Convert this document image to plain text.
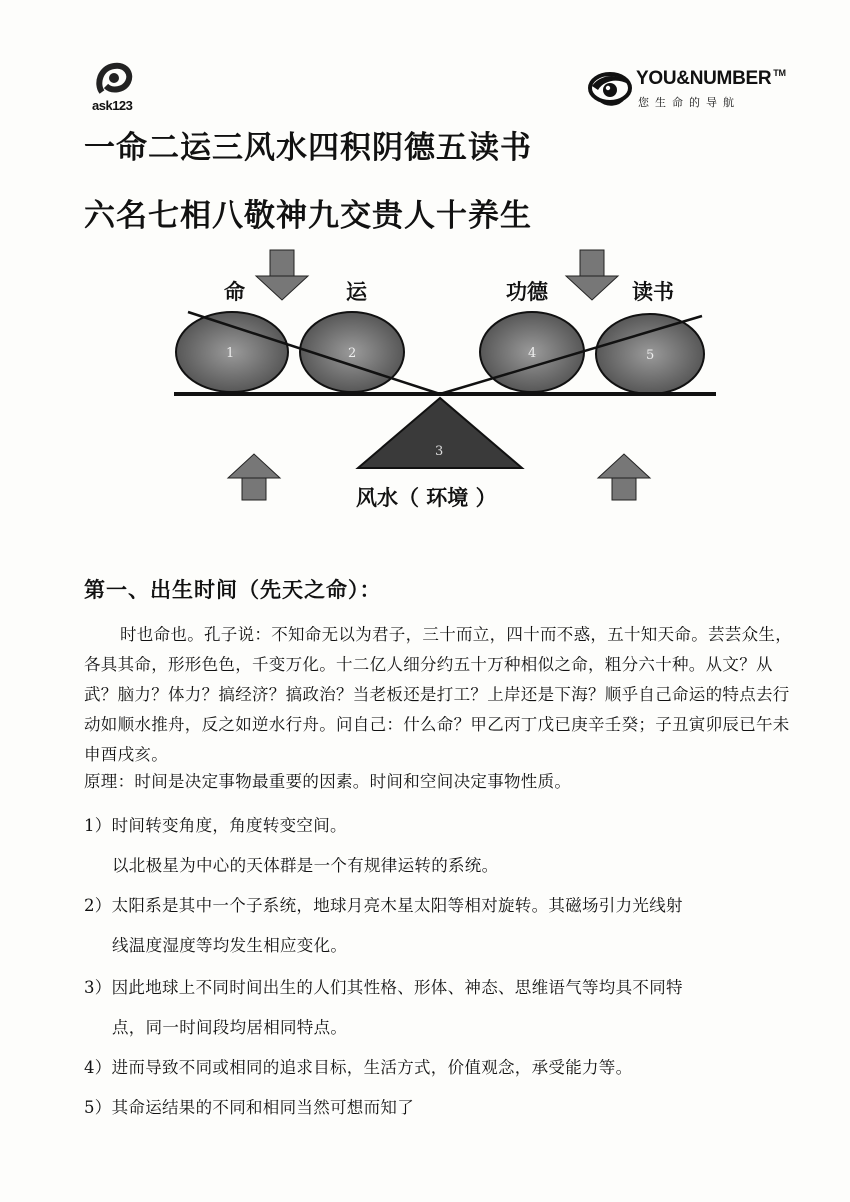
ask123
YOU&NUMBER ™
您生命的导航
一命二运三风水四积阴德五读书
六名七相八敬神九交贵人十养生
1	2
3
4	5
命	运	功德	读书
风水（ 环境 ）
第一、出生时间（先天之命）：
时也命也。孔子说：不知命无以为君子，三十而立，四十而不惑，五十知天命。芸芸众生，各具其命，形形色色，千变万化。十二亿人细分约五十万种相似之命，粗分六十种。从文？从武？脑力？体力？搞经济？搞政治？当老板还是打工？上岸还是下海？顺乎自己命运的特点去行动如顺水推舟，反之如逆水行舟。问自己：什么命？甲乙丙丁戊已庚辛壬癸；子丑寅卯辰已午未申酉戌亥。
原理：时间是决定事物最重要的因素。时间和空间决定事物性质。
1）时间转变角度，角度转变空间。
以北极星为中心的天体群是一个有规律运转的系统。
2）太阳系是其中一个子系统，地球月亮木星太阳等相对旋转。其磁场引力光线射
线温度湿度等均发生相应变化。
3）因此地球上不同时间出生的人们其性格、形体、神态、思维语气等均具不同特
点，同一时间段均居相同特点。
4）进而导致不同或相同的追求目标，生活方式，价值观念，承受能力等。
5）其命运结果的不同和相同当然可想而知了
